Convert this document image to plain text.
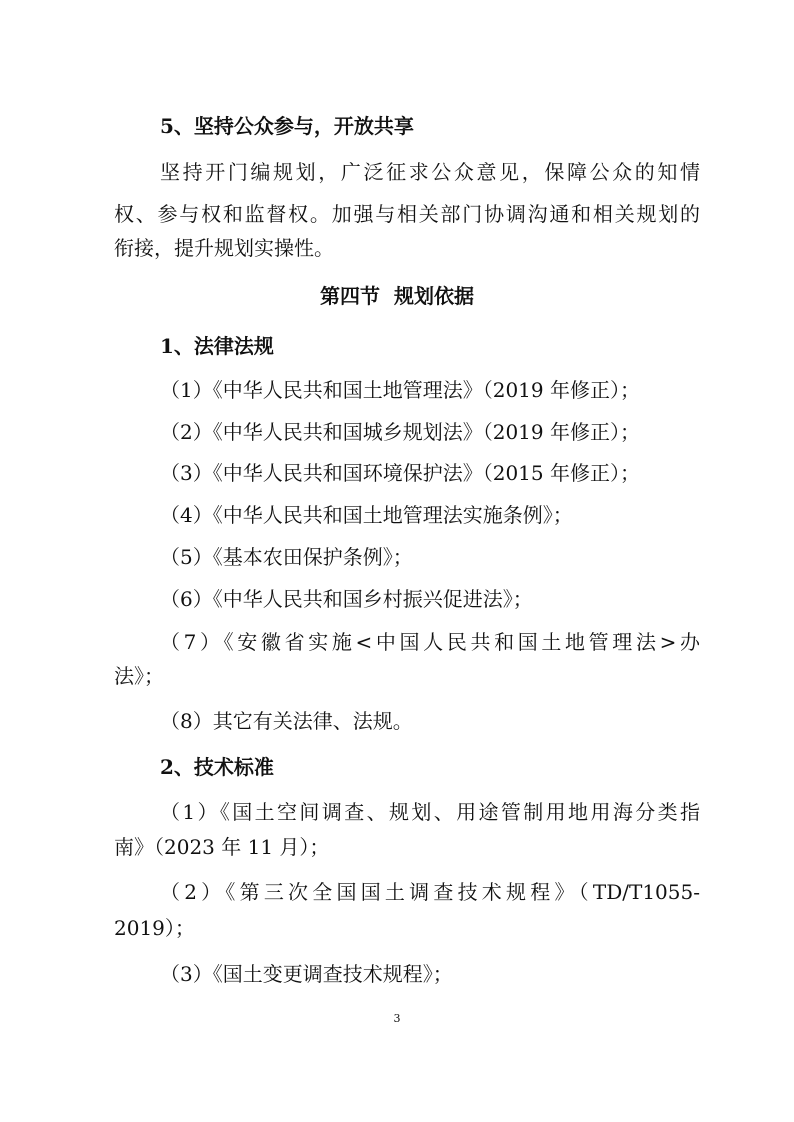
5、坚持公众参与，开放共享
坚持开门编规划，广泛征求公众意见，保障公众的知情
权、参与权和监督权。加强与相关部门协调沟通和相关规划的
衔接，提升规划实操性。
第四节  规划依据
1、法律法规
（1）《中华人民共和国土地管理法》（2019 年修正）；
（2）《中华人民共和国城乡规划法》（2019 年修正）；
（3）《中华人民共和国环境保护法》（2015 年修正）；
（4）《中华人民共和国土地管理法实施条例》；
（5）《基本农田保护条例》；
（6）《中华人民共和国乡村振兴促进法》；
（7）《安徽省实施<中国人民共和国土地管理法>办
法》；
（8）其它有关法律、法规。
2、技术标准
（1）《国土空间调查、规划、用途管制用地用海分类指
南》（2023 年 11 月）；
（2）《第三次全国国土调查技术规程》（TD/T1055-
2019）；
（3）《国土变更调查技术规程》；
3
